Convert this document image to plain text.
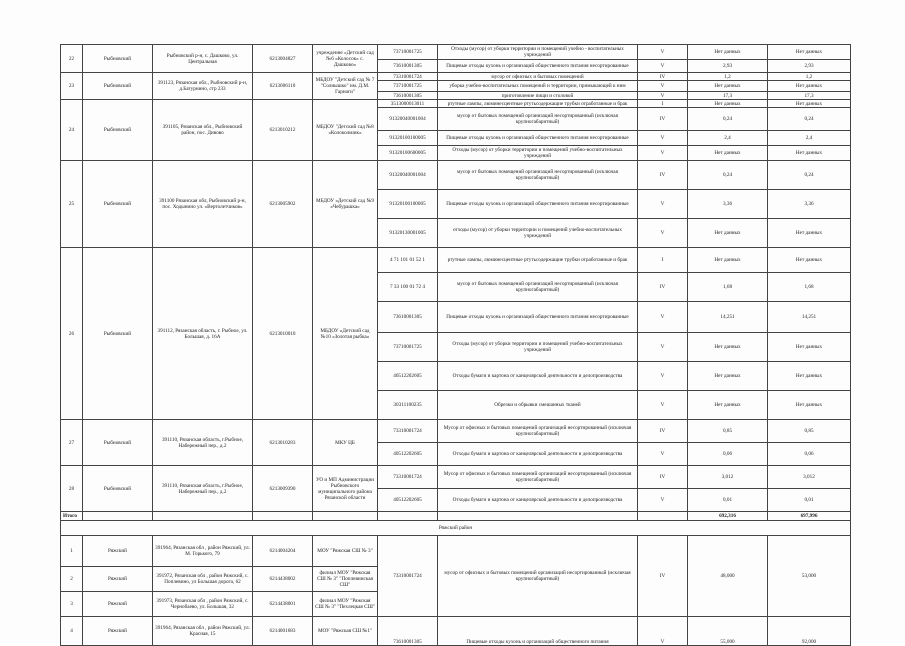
22	Рыбновский	Рыбновский р-н, с. Дашково, ул. Центральная	6213004827	учреждение «Детский сад №6 «Колосок» с. Дашково»	73710001725	Отходы (мусор) от уборки территории и помещений учебно - воспитательных учреждений	V	Нет данных	Нет данных
					73610001305	Пищевые отходы кухонь и организаций общественного питания несортированные	V	2,93	2,93
23	Рыбновский	391123, Рязанская обл., Рыбновский р-н, д.Батурнино, стр 233	6213006110	МБДОУ "Детский сад № 7 "Солнышко" им. Д.М. Гарнаги"	73310001724	мусор от офисных и бытовых помещений	IV	1,2	1,2
					73710001725	уборка учебно-воспитательных помещений и территории, примыкающей к ним	V	Нет данных	Нет данных
					73610001305	приготовление пищи и столовой	V	17,3	17,3
24	Рыбновский	391105, Рязанская обл., Рыбновский район, пос. Дивово	6213010212	МБДОУ "Детский сад №8 «Колокольчик»	3513000013011	ртутные лампы, люминесцентные ртутьсодержащие трубки отработанные и брак	I	Нет данных	Нет данных
					91320040001004	мусор от бытовых помещений организаций несортированный (исключая крупногабаритный)	IV	0,24	0,24
					91320100100005	Пищевые отходы кухонь и организаций общественного питания несортированные	V	2,4	2,4
					91320100600005	Отходы (мусор) от уборки территории и помещений учебно-воспитательных учреждений	V	Нет данных	Нет данных
25	Рыбновский	391100 Рязанская обл, Рыбновский р-н, пос. Ходынино ул. «Вертолетчиков»	6213005902	МБДОУ «Детский сад №9 «Чебурашка»	91320040001004	мусор от бытовых помещений организаций несортированный (исключая крупногабаритный)	IV	0,24	0,24
					91320100100005	Пищевые отходы кухонь и организаций общественного питания несортированные	V	3,36	3,36
					91320130001005	отходы (мусор) от уборки территории и помещений учебно-воспитательных учреждений	V	Нет данных	Нет данных
26	Рыбновский	391112, Рязанская область, г. Рыбное, ул. Большая, д. 16А	6213010010	МБДОУ «Детский сад №10 «Золотая рыбка»	4 71 101 01 52 1	ртутные лампы, люминесцентные ртутьсодержащие трубки отработанные и брак	I	Нет данных	Нет данных
					7 33 100 01 72 4	мусор от бытовых помещений организаций несортированный (исключая крупногабаритный)	IV	1,68	1,68
					73610001305	Пищевые отходы кухонь и организаций общественного питания несортированные	V	14,251	14,251
					73710001725	Отходы (мусор) от уборки территории и помещений учебно-воспитательных учреждений	V	Нет данных	Нет данных
					40512202605	Отходы бумаги и картона от канцелярской деятельности и делопроизводства	V	Нет данных	Нет данных
					30311100235	Обрезки и обрывки смешанных тканей	V	Нет данных	Нет данных
27	Рыбновский	391110, Рязанская область, г.Рыбное, Набережный пер., д.2	6213010283	МКУ ЦБ	73310001724	Мусор от офисных и бытовых помещений организаций несортированный (исключая крупногабаритный)	IV	0,85	0,85
					40512202605	Отходы бумаги и картона от канцелярской деятельности и делопроизводства	V	0,06	0,06
28	Рыбновский	391110, Рязанская область, г.Рыбное, Набережный пер., д.2	6213009390	УО и МП Администрации Рыбновского муниципального района Рязанской области	73310001724	Мусор от офисных и бытовых помещений организаций несортированный (исключая крупногабаритный)	IV	3,012	3,012
					40512202605	Отходы бумаги и картона от канцелярской деятельности и делопроизводства	V	0,01	0,01
Итого								692,316	697,996
Ряжский район									
1	Ряжский	391964, Рязанская обл , район Ряжский, ул. М. Горького, 79	6214004204	МОУ "Ряжская СШ № 3"	73310001724	мусор от офисных и бытовых помещений организаций несортированный (исключая крупногабаритный)	IV	48,000	53,000
2	Ряжский	391972, Рязанская обл , район Ряжский, с. Поплевино, ул Большая дорога, 62	6214438002	филиал МОУ "Ряжская СШ № 3" "Поплевинская СШ"					
3	Ряжский	391973, Рязанская обл , район Ряжский, с. Чернобаево, ул. Большая, 32	6214438001	филиал МОУ "Ряжская СШ № 3" "Пехлецкая СШ"					
4	Ряжский	391964, Рязанская обл , район Ряжский, ул. Красная, 15	6214001683	МОУ "Ряжская СШ №1"	73610001305	Пищевые отходы кухонь и организаций общественного питания	V	55,000	92,000
